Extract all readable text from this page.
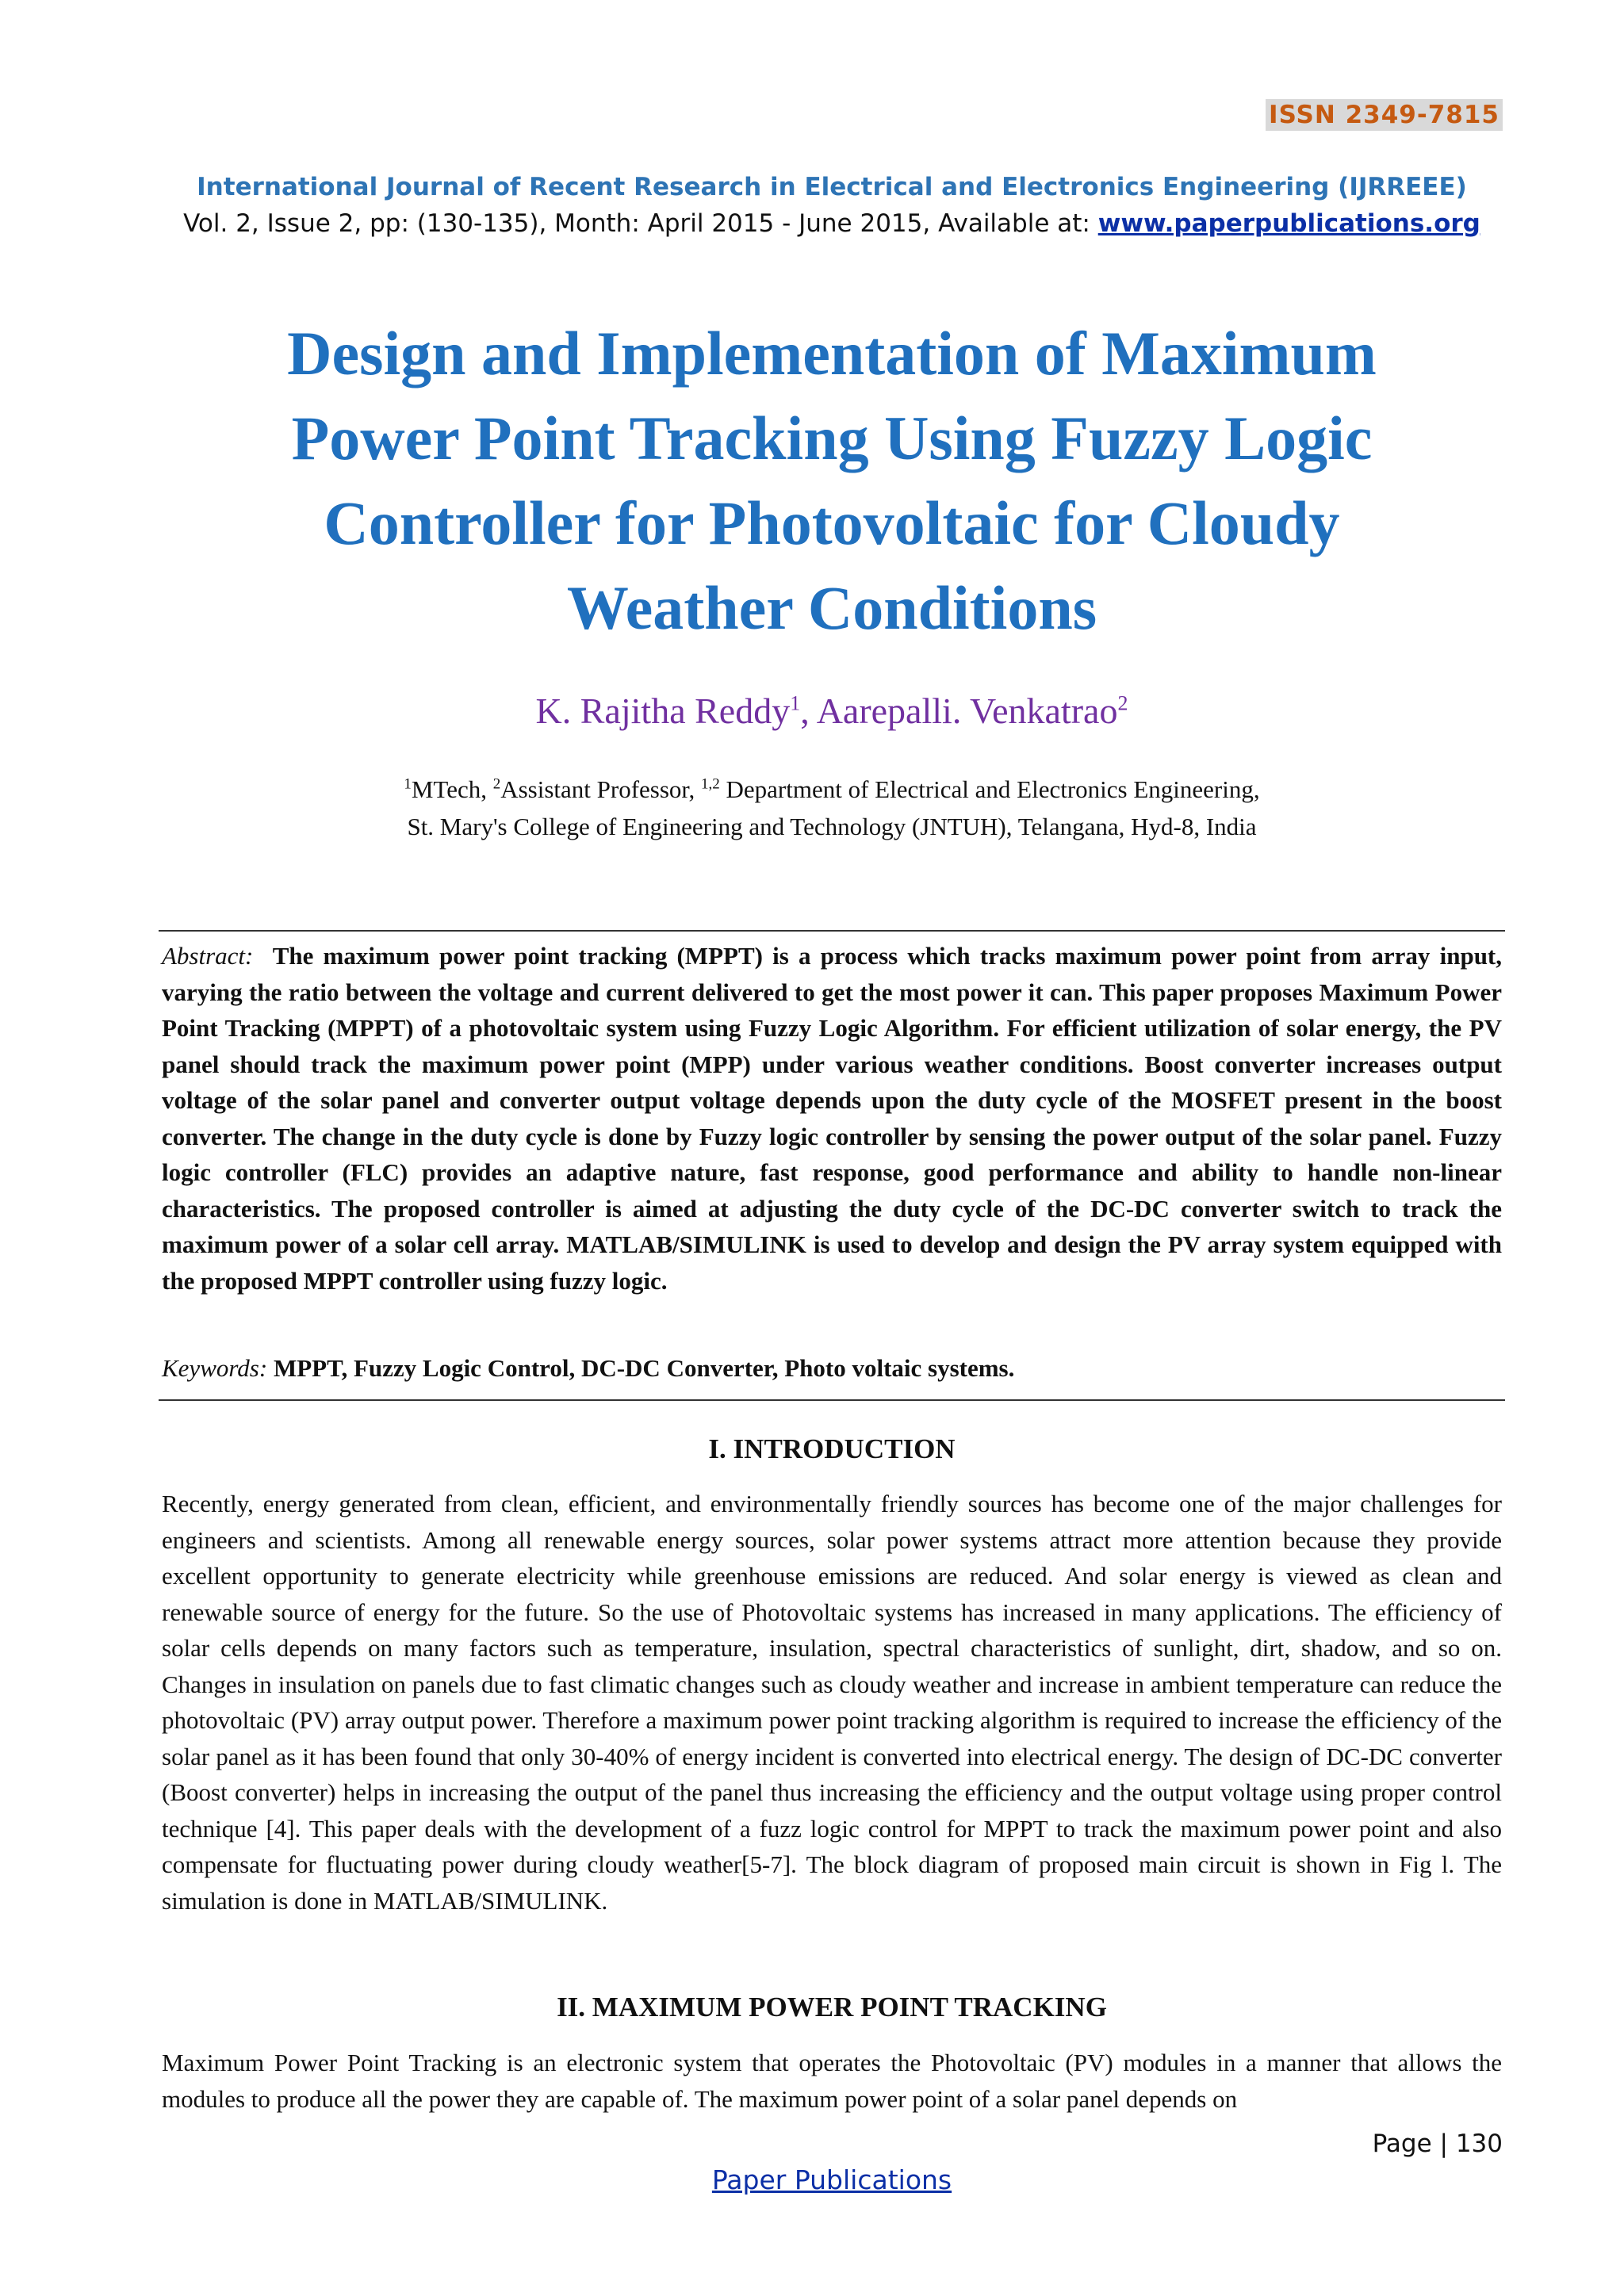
ISSN 2349-7815
International Journal of Recent Research in Electrical and Electronics Engineering (IJRREEE)
Vol. 2, Issue 2, pp: (130-135), Month: April 2015 - June 2015, Available at: www.paperpublications.org
Design and Implementation of Maximum
Power Point Tracking Using Fuzzy Logic
Controller for Photovoltaic for Cloudy
Weather Conditions
K. Rajitha Reddy$^1$, Aarepalli. Venkatrao$^2$
$^1$MTech, $^2$Assistant Professor, $^{1,2}$ Department of Electrical and Electronics Engineering,
St. Mary's College of Engineering and Technology (JNTUH), Telangana, Hyd-8, India
Abstract: The maximum power point tracking (MPPT) is a process which tracks maximum power point from array input, varying the ratio between the voltage and current delivered to get the most power it can. This paper proposes Maximum Power Point Tracking (MPPT) of a photovoltaic system using Fuzzy Logic Algorithm. For efficient utilization of solar energy, the PV panel should track the maximum power point (MPP) under various weather conditions. Boost converter increases output voltage of the solar panel and converter output voltage depends upon the duty cycle of the MOSFET present in the boost converter. The change in the duty cycle is done by Fuzzy logic controller by sensing the power output of the solar panel. Fuzzy logic controller (FLC) provides an adaptive nature, fast response, good performance and ability to handle non-linear characteristics. The proposed controller is aimed at adjusting the duty cycle of the DC-DC converter switch to track the maximum power of a solar cell array. MATLAB/SIMULINK is used to develop and design the PV array system equipped with the proposed MPPT controller using fuzzy logic.
Keywords: MPPT, Fuzzy Logic Control, DC-DC Converter, Photo voltaic systems.
I. INTRODUCTION
Recently, energy generated from clean, efficient, and environmentally friendly sources has become one of the major challenges for engineers and scientists. Among all renewable energy sources, solar power systems attract more attention because they provide excellent opportunity to generate electricity while greenhouse emissions are reduced. And solar energy is viewed as clean and renewable source of energy for the future. So the use of Photovoltaic systems has increased in many applications. The efficiency of solar cells depends on many factors such as temperature, insulation, spectral characteristics of sunlight, dirt, shadow, and so on. Changes in insulation on panels due to fast climatic changes such as cloudy weather and increase in ambient temperature can reduce the photovoltaic (PV) array output power. Therefore a maximum power point tracking algorithm is required to increase the efficiency of the solar panel as it has been found that only 30-40% of energy incident is converted into electrical energy. The design of DC-DC converter (Boost converter) helps in increasing the output of the panel thus increasing the efficiency and the output voltage using proper control technique [4]. This paper deals with the development of a fuzz logic control for MPPT to track the maximum power point and also compensate for fluctuating power during cloudy weather[5-7]. The block diagram of proposed main circuit is shown in Fig l. The simulation is done in MATLAB/SIMULINK.
II. MAXIMUM POWER POINT TRACKING
Maximum Power Point Tracking is an electronic system that operates the Photovoltaic (PV) modules in a manner that allows the modules to produce all the power they are capable of. The maximum power point of a solar panel depends on
Page | 130
Paper Publications
